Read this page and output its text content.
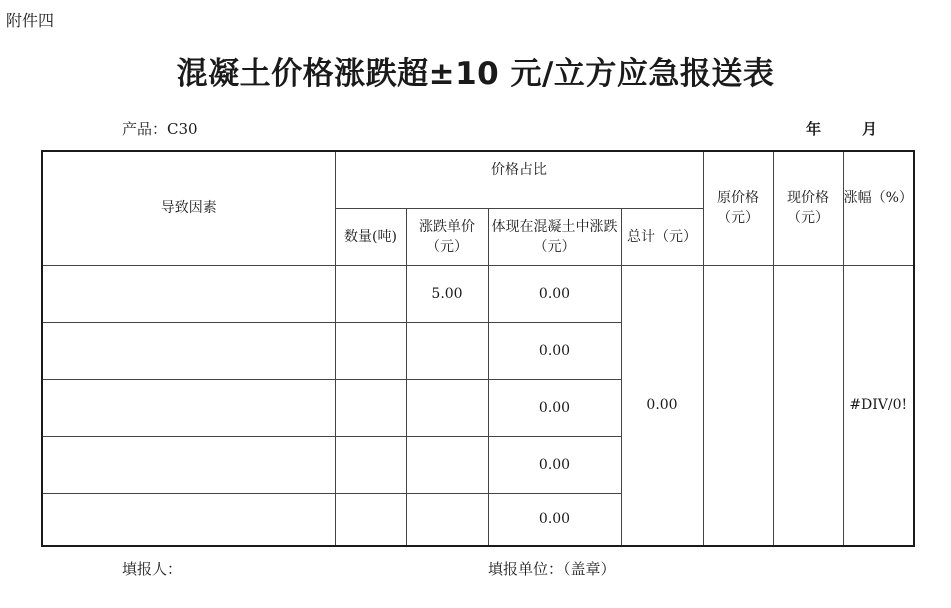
附件四
混凝土价格涨跌超±10 元/立方应急报送表
产品：C30	年	月
导致因素	价格占比				原价格（元）	现价格（元）	涨幅（%）
	数量(吨)	涨跌单价（元）	体现在混凝土中涨跌（元）	总计（元）			
		5.00	0.00	0.00			#DIV/0!
			0.00				
			0.00				
			0.00				
			0.00				
填报人：	填报单位：（盖章）
